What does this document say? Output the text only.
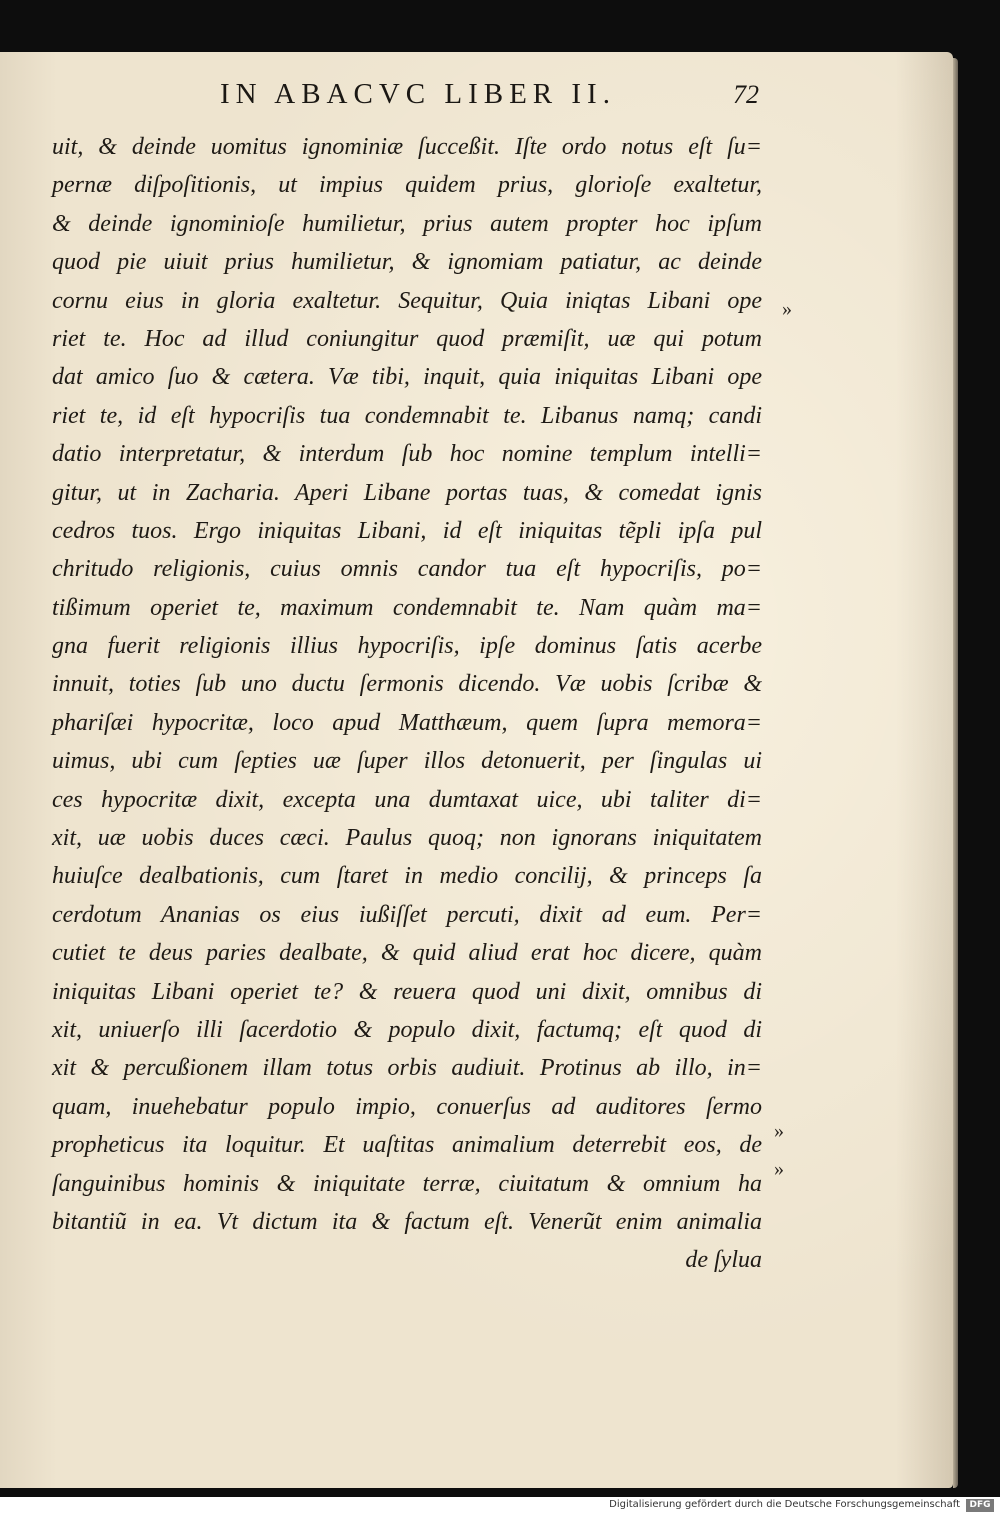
IN ABACVC LIBER II.	72
uit, & deinde uomitus ignominiæ ſucceßit. Iſte ordo notus eſt ſu=
pernæ diſpoſitionis, ut impius quidem prius, glorioſe exaltetur,
& deinde ignominioſe humilietur, prius autem propter hoc ipſum
quod pie uiuit prius humilietur, & ignomiam patiatur, ac deinde
cornu eius in gloria exaltetur. Sequitur, Quia iniqtas Libani ope
riet te. Hoc ad illud coniungitur quod præmiſit, uæ qui potum
dat amico ſuo & cætera. Væ tibi, inquit, quia iniquitas Libani ope
riet te, id eſt hypocriſis tua condemnabit te. Libanus namq; candi
datio interpretatur, & interdum ſub hoc nomine templum intelli=
gitur, ut in Zacharia. Aperi Libane portas tuas, & comedat ignis
cedros tuos. Ergo iniquitas Libani, id eſt iniquitas tẽpli ipſa pul
chritudo religionis, cuius omnis candor tua eſt hypocriſis, po=
tißimum operiet te, maximum condemnabit te. Nam quàm ma=
gna fuerit religionis illius hypocriſis, ipſe dominus ſatis acerbe
innuit, toties ſub uno ductu ſermonis dicendo. Væ uobis ſcribæ &
phariſæi hypocritæ, loco apud Matthæum, quem ſupra memora=
uimus, ubi cum ſepties uæ ſuper illos detonuerit, per ſingulas ui
ces hypocritæ dixit, excepta una dumtaxat uice, ubi taliter di=
xit, uæ uobis duces cæci. Paulus quoq; non ignorans iniquitatem
huiuſce dealbationis, cum ſtaret in medio concilij, & princeps ſa
cerdotum Ananias os eius iußiſſet percuti, dixit ad eum. Per=
cutiet te deus paries dealbate, & quid aliud erat hoc dicere, quàm
iniquitas Libani operiet te? & reuera quod uni dixit, omnibus di
xit, uniuerſo illi ſacerdotio & populo dixit, factumq; eſt quod di
xit & percußionem illam totus orbis audiuit. Protinus ab illo, in=
quam, inuehebatur populo impio, conuerſus ad auditores ſermo
propheticus ita loquitur. Et uaſtitas animalium deterrebit eos, de
ſanguinibus hominis & iniquitate terræ, ciuitatum & omnium ha
bitantiũ in ea. Vt dictum ita & factum eſt. Venerũt enim animalia
de ſylua
»
»
»
Digitalisierung gefördert durch die Deutsche Forschungsgemeinschaft	DFG
